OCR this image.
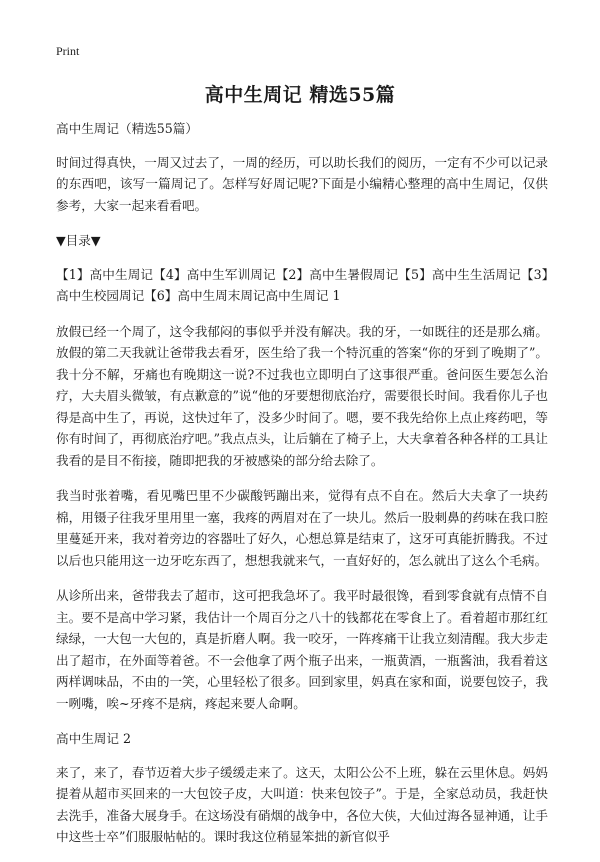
Print
高中生周记 精选55篇

高中生周记（精选55篇）

时间过得真快，一周又过去了，一周的经历，可以助长我们的阅历，一定有不少可以记录的东西吧，该写一篇周记了。怎样写好周记呢?下面是小编精心整理的高中生周记，仅供参考，大家一起来看看吧。

▼目录▼

【1】高中生周记【4】高中生军训周记【2】高中生暑假周记【5】高中生生活周记【3】高中生校园周记【6】高中生周末周记高中生周记 1

放假已经一个周了，这令我郁闷的事似乎并没有解决。我的牙，一如既往的还是那么痛。放假的第二天我就让爸带我去看牙，医生给了我一个特沉重的答案“你的牙到了晚期了”。我十分不解，牙痛也有晚期这一说?不过我也立即明白了这事很严重。爸问医生要怎么治疗，大夫眉头微皱，有点歉意的”说“他的牙要想彻底治疗，需要很长时间。我看你儿子也得是高中生了，再说，这快过年了，没多少时间了。嗯，要不我先给你上点止疼药吧，等你有时间了，再彻底治疗吧。”我点点头，让后躺在了椅子上，大夫拿着各种各样的工具让我看的是目不衔接，随即把我的牙被感染的部分给去除了。

我当时张着嘴，看见嘴巴里不少碳酸钙蹦出来，觉得有点不自在。然后大夫拿了一块药棉，用镊子往我牙里用里一塞，我疼的两眉对在了一块儿。然后一股刺鼻的药味在我口腔里蔓延开来，我对着旁边的容器吐了好久，心想总算是结束了，这牙可真能折腾我。不过以后也只能用这一边牙吃东西了，想想我就来气，一直好好的，怎么就出了这么个毛病。

从诊所出来，爸带我去了超市，这可把我急坏了。我平时最很馋，看到零食就有点情不自主。要不是高中学习紧，我估计一个周百分之八十的钱都花在零食上了。看着超市那红红绿绿，一大包一大包的，真是折磨人啊。我一咬牙，一阵疼痛干让我立刻清醒。我大步走出了超市，在外面等着爸。不一会他拿了两个瓶子出来，一瓶黄酒，一瓶酱油，我看着这两样调味品，不由的一笑，心里轻松了很多。回到家里，妈真在家和面，说要包饺子，我一咧嘴，唉~牙疼不是病，疼起来要人命啊。

高中生周记 2

来了，来了，春节迈着大步子缓缓走来了。这天，太阳公公不上班，躲在云里休息。妈妈提着从超市买回来的一大包饺子皮，大叫道：快来包饺子”。于是，全家总动员，我赶快去洗手，准备大展身手。在这场没有硝烟的战争中，各位大侠，大仙过海各显神通，让手中这些士卒”们服服帖帖的。课时我这位稍显笨拙的新官似乎
